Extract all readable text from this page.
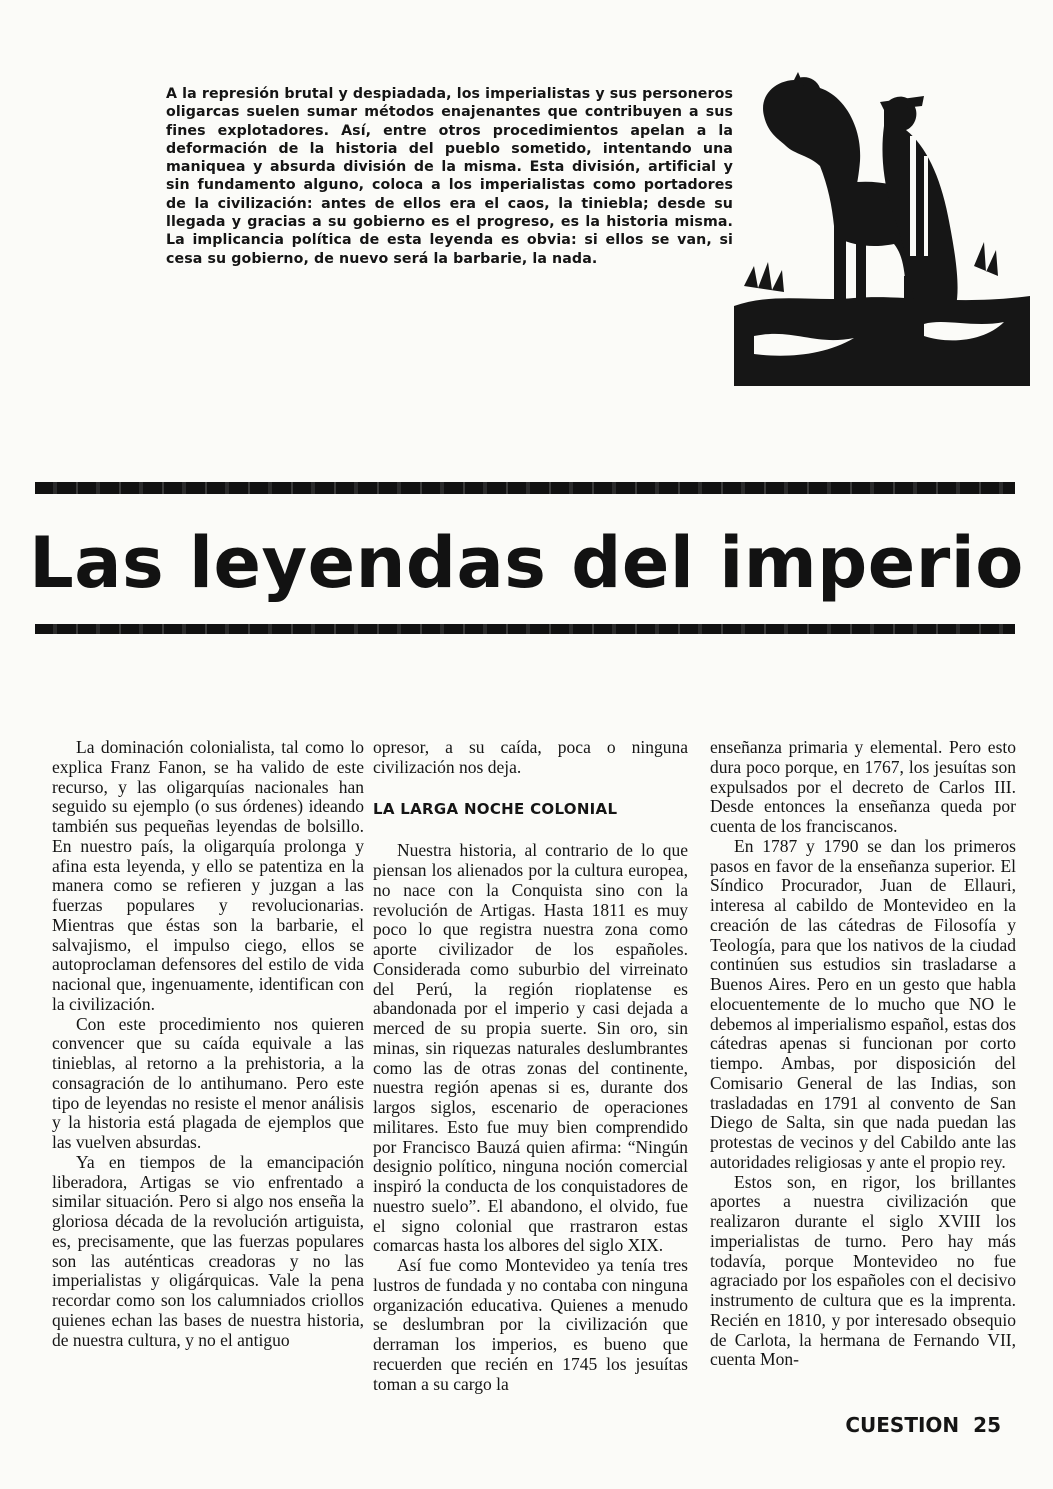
A la represión brutal y despiadada, los imperialistas y sus personeros oligarcas suelen sumar métodos enajenantes que contribuyen a sus fines explotadores. Así, entre otros procedimientos apelan a la deformación de la historia del pueblo sometido, intentando una maniquea y absurda división de la misma. Esta división, artificial y sin fundamento alguno, coloca a los imperialistas como portadores de la civilización: antes de ellos era el caos, la tiniebla; desde su llegada y gracias a su gobierno es el progreso, es la historia misma. La implicancia política de esta leyenda es obvia: si ellos se van, si cesa su gobierno, de nuevo será la barbarie, la nada.
Las leyendas del imperio

La dominación colonialista, tal como lo explica Franz Fanon, se ha valido de este recurso, y las oligarquías nacionales han seguido su ejemplo (o sus órdenes) ideando también sus pequeñas leyendas de bolsillo. En nuestro país, la oligarquía prolonga y afina esta leyenda, y ello se patentiza en la manera como se refieren y juzgan a las fuerzas populares y revolucionarias. Mientras que éstas son la barbarie, el salvajismo, el impulso ciego, ellos se autoproclaman defensores del estilo de vida nacional que, ingenuamente, identifican con la civilización.

Con este procedimiento nos quieren convencer que su caída equivale a las tinieblas, al retorno a la prehistoria, a la consagración de lo antihumano. Pero este tipo de leyendas no resiste el menor análisis y la historia está plagada de ejemplos que las vuelven absurdas.

Ya en tiempos de la emancipación liberadora, Artigas se vio enfrentado a similar situación. Pero si algo nos enseña la gloriosa década de la revolución artiguista, es, precisamente, que las fuerzas populares son las auténticas creadoras y no las imperialistas y oligárquicas. Vale la pena recordar como son los calumniados criollos quienes echan las bases de nuestra historia, de nuestra cultura, y no el antiguo

opresor, a su caída, poca o ninguna civilización nos deja.

LA LARGA NOCHE COLONIAL

Nuestra historia, al contrario de lo que piensan los alienados por la cultura europea, no nace con la Conquista sino con la revolución de Artigas. Hasta 1811 es muy poco lo que registra nuestra zona como aporte civilizador de los españoles. Considerada como suburbio del virreinato del Perú, la región rioplatense es abandonada por el imperio y casi dejada a merced de su propia suerte. Sin oro, sin minas, sin riquezas naturales deslumbrantes como las de otras zonas del continente, nuestra región apenas si es, durante dos largos siglos, escenario de operaciones militares. Esto fue muy bien comprendido por Francisco Bauzá quien afirma: “Ningún designio político, ninguna noción comercial inspiró la conducta de los conquistadores de nuestro suelo”. El abandono, el olvido, fue el signo colonial que rrastraron estas comarcas hasta los albores del siglo XIX.

Así fue como Montevideo ya tenía tres lustros de fundada y no contaba con ninguna organización educativa. Quienes a menudo se deslumbran por la civilización que derraman los imperios, es bueno que recuerden que recién en 1745 los jesuítas toman a su cargo la

enseñanza primaria y elemental. Pero esto dura poco porque, en 1767, los jesuítas son expulsados por el decreto de Carlos III. Desde entonces la enseñanza queda por cuenta de los franciscanos.

En 1787 y 1790 se dan los primeros pasos en favor de la enseñanza superior. El Síndico Procurador, Juan de Ellauri, interesa al cabildo de Montevideo en la creación de las cátedras de Filosofía y Teología, para que los nativos de la ciudad continúen sus estudios sin trasladarse a Buenos Aires. Pero en un gesto que habla elocuentemente de lo mucho que NO le debemos al imperialismo español, estas dos cátedras apenas si funcionan por corto tiempo. Ambas, por disposición del Comisario General de las Indias, son trasladadas en 1791 al convento de San Diego de Salta, sin que nada puedan las protestas de vecinos y del Cabildo ante las autoridades religiosas y ante el propio rey.

Estos son, en rigor, los brillantes aportes a nuestra civilización que realizaron durante el siglo XVIII los imperialistas de turno. Pero hay más todavía, porque Montevideo no fue agraciado por los españoles con el decisivo instrumento de cultura que es la imprenta. Recién en 1810, y por interesado obsequio de Carlota, la hermana de Fernando VII, cuenta Mon-

CUESTION 25
